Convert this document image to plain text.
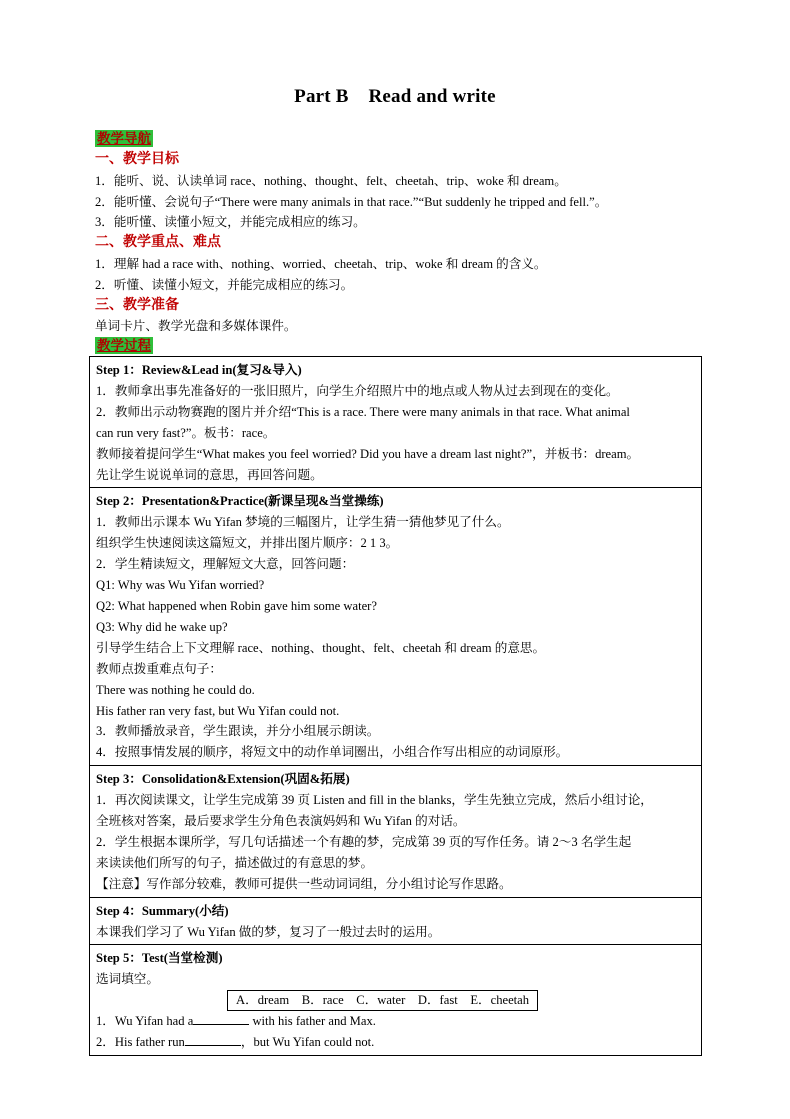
Part B Read and write
教学导航
一、教学目标
1．能听、说、认读单词 race、nothing、thought、felt、cheetah、trip、woke 和 dream。
2．能听懂、会说句子“There were many animals in that race.”“But suddenly he tripped and fell.”。
3．能听懂、读懂小短文，并能完成相应的练习。
二、教学重点、难点
1．理解 had a race with、nothing、worried、cheetah、trip、woke 和 dream 的含义。
2．听懂、读懂小短文，并能完成相应的练习。
三、教学准备
单词卡片、教学光盘和多媒体课件。
教学过程
Step 1：Review&Lead in(复习&导入)
1．教师拿出事先准备好的一张旧照片，向学生介绍照片中的地点或人物从过去到现在的变化。
2．教师出示动物赛跑的图片并介绍“This is a race. There were many animals in that race. What animal
can run very fast?”。板书：race。
教师接着提问学生“What makes you feel worried? Did you have a dream last night?”，并板书：dream。
先让学生说说单词的意思，再回答问题。

Step 2：Presentation&Practice(新课呈现&当堂操练)
1．教师出示课本 Wu Yifan 梦境的三幅图片，让学生猜一猜他梦见了什么。
组织学生快速阅读这篇短文，并排出图片顺序：2 1 3。
2．学生精读短文，理解短文大意，回答问题：
Q1: Why was Wu Yifan worried?
Q2: What happened when Robin gave him some water?
Q3: Why did he wake up?
引导学生结合上下文理解 race、nothing、thought、felt、cheetah 和 dream 的意思。
教师点拨重难点句子：
There was nothing he could do.
His father ran very fast, but Wu Yifan could not.
3．教师播放录音，学生跟读，并分小组展示朗读。
4．按照事情发展的顺序，将短文中的动作单词圈出，小组合作写出相应的动词原形。

Step 3：Consolidation&Extension(巩固&拓展)
1．再次阅读课文，让学生完成第 39 页 Listen and fill in the blanks，学生先独立完成，然后小组讨论，
全班核对答案，最后要求学生分角色表演妈妈和 Wu Yifan 的对话。
2．学生根据本课所学，写几句话描述一个有趣的梦，完成第 39 页的写作任务。请 2～3 名学生起
来读读他们所写的句子，描述做过的有意思的梦。
【注意】写作部分较难，教师可提供一些动词词组，分小组讨论写作思路。

Step 4：Summary(小结)
本课我们学习了 Wu Yifan 做的梦，复习了一般过去时的运用。

Step 5：Test(当堂检测)
选词填空。
A．dream　B．race　C．water　D．fast　E．cheetah
1．Wu Yifan had a	with his father and Max.
2．His father run	，but Wu Yifan could not.
